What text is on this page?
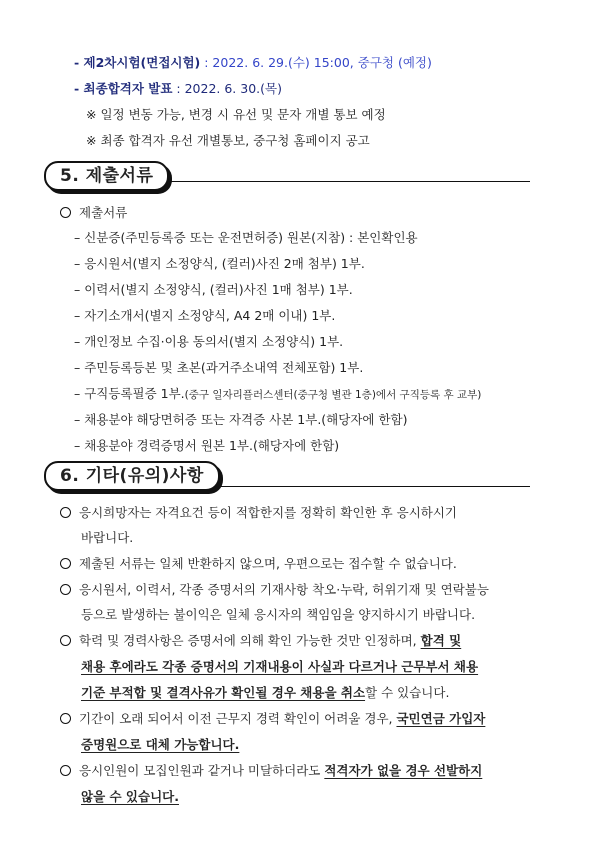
- 제2차시험(면접시험) : 2022. 6. 29.(수) 15:00, 중구청 (예정)
- 최종합격자 발표 : 2022. 6. 30.(목)
※ 일정 변동 가능, 변경 시 유선 및 문자 개별 통보 예정
※ 최종 합격자 유선 개별통보, 중구청 홈페이지 공고
5. 제출서류
제출서류
– 신분증(주민등록증 또는 운전면허증) 원본(지참) : 본인확인용
– 응시원서(별지 소정양식, (컬러)사진 2매 첨부) 1부.
– 이력서(별지 소정양식, (컬러)사진 1매 첨부) 1부.
– 자기소개서(별지 소정양식, A4 2매 이내) 1부.
– 개인정보 수집·이용 동의서(별지 소정양식) 1부.
– 주민등록등본 및 초본(과거주소내역 전체포함) 1부.
– 구직등록필증 1부.(중구 일자리플러스센터(중구청 별관 1층)에서 구직등록 후 교부)
– 채용분야 해당면허증 또는 자격증 사본 1부.(해당자에 한함)
– 채용분야 경력증명서 원본 1부.(해당자에 한함)
6. 기타(유의)사항
응시희망자는 자격요건 등이 적합한지를 정확히 확인한 후 응시하시기
바랍니다.
제출된 서류는 일체 반환하지 않으며, 우편으로는 접수할 수 없습니다.
응시원서, 이력서, 각종 증명서의 기재사항 착오·누락, 허위기재 및 연락불능
등으로 발생하는 불이익은 일체 응시자의 책임임을 양지하시기 바랍니다.
학력 및 경력사항은 증명서에 의해 확인 가능한 것만 인정하며, 합격 및
채용 후에라도 각종 증명서의 기재내용이 사실과 다르거나 근무부서 채용
기준 부적합 및 결격사유가 확인될 경우 채용을 취소할 수 있습니다.
기간이 오래 되어서 이전 근무지 경력 확인이 어려울 경우, 국민연금 가입자
증명원으로 대체 가능합니다.
응시인원이 모집인원과 같거나 미달하더라도 적격자가 없을 경우 선발하지
않을 수 있습니다.
